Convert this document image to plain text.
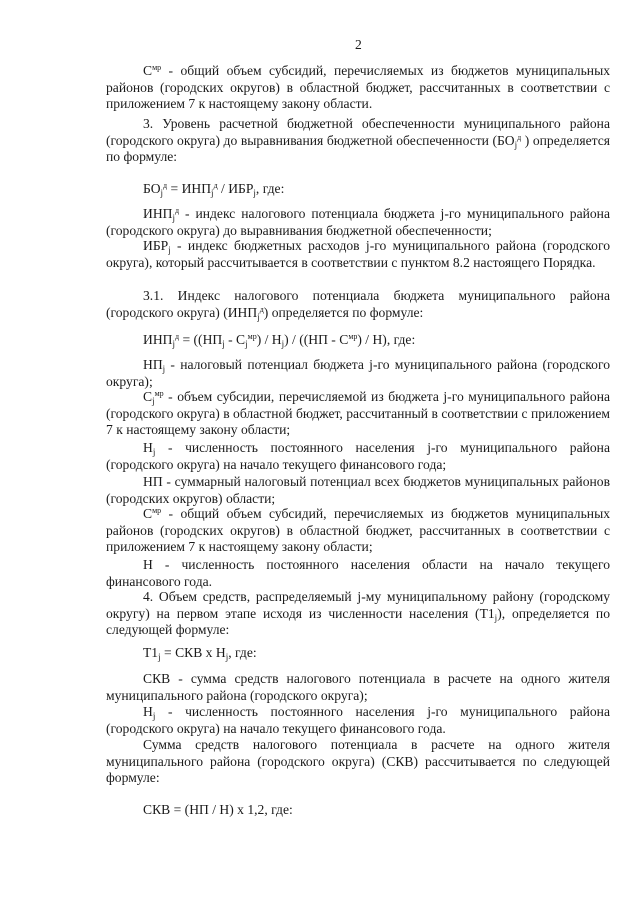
2
$С^{мр}$ - общий объем субсидий, перечисляемых из бюджетов муниципальных районов (городских округов) в областной бюджет, рассчитанных в соответствии с приложением 7 к настоящему закону области.
3. Уровень расчетной бюджетной обеспеченности муниципального района (городского округа) до выравнивания бюджетной обеспеченности ($БО_j^д$ ) определяется по формуле:
$БО_j^д = ИНП_j^д / ИБР_j$, где:
$ИНП_j^д$ - индекс налогового потенциала бюджета j-го муниципального района (городского округа) до выравнивания бюджетной обеспеченности;
$ИБР_j$ - индекс бюджетных расходов j-го муниципального района (городского округа), который рассчитывается в соответствии с пунктом 8.2 настоящего Порядка.
3.1. Индекс налогового потенциала бюджета муниципального района (городского округа) $(ИНП_j^д)$ определяется по формуле:
$ИНП_j^д = ((НП_j - С_j^{мр}) / Н_j) / ((НП - С^{мр}) / Н)$, где:
$НП_j$ - налоговый потенциал бюджета j-го муниципального района (городского округа);
$С_j^{мр}$ - объем субсидии, перечисляемой из бюджета j-го муниципального района (городского округа) в областной бюджет, рассчитанный в соответствии с приложением 7 к настоящему закону области;
$Н_j$ - численность постоянного населения j-го муниципального района (городского округа) на начало текущего финансового года;
НП - суммарный налоговый потенциал всех бюджетов муниципальных районов (городских округов) области;
$С^{мр}$ - общий объем субсидий, перечисляемых из бюджетов муниципальных районов (городских округов) в областной бюджет, рассчитанных в соответствии с приложением 7 к настоящему закону области;
Н - численность постоянного населения области на начало текущего финансового года.
4. Объем средств, распределяемый j-му муниципальному району (городскому округу) на первом этапе исходя из численности населения $(Т1_j)$, определяется по следующей формуле:
$Т1_j$ = СКВ х $Н_j$, где:
СКВ - сумма средств налогового потенциала в расчете на одного жителя муниципального района (городского округа);
$Н_j$ - численность постоянного населения j-го муниципального района (городского округа) на начало текущего финансового года.
Сумма средств налогового потенциала в расчете на одного жителя муниципального района (городского округа) (СКВ) рассчитывается по следующей формуле:
СКВ = (НП / Н) х 1,2, где:
